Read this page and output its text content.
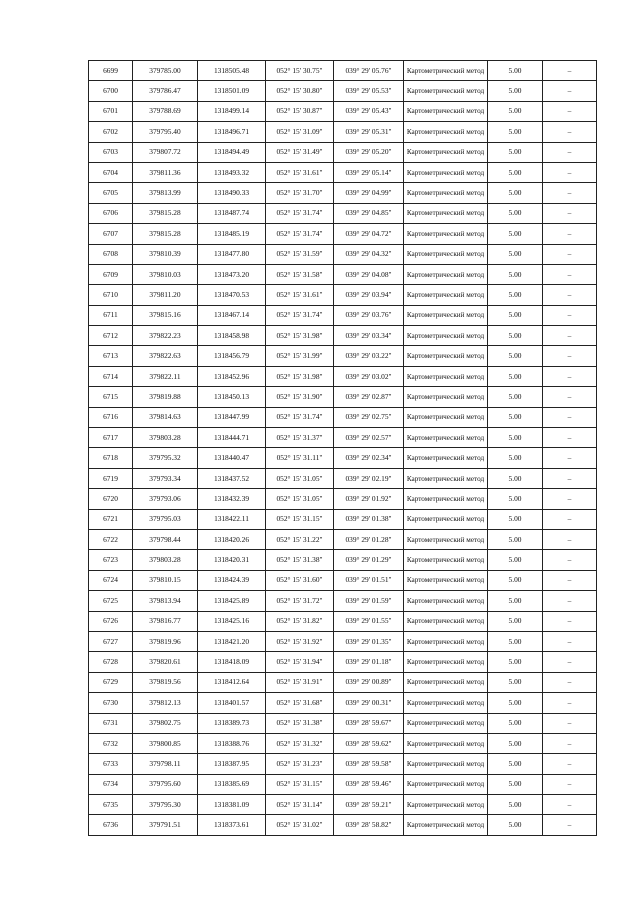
6699	379785.00	1318505.48	052° 15' 30.75"	039° 29' 05.76"	Картометрический метод	5.00	–
6700	379786.47	1318501.09	052° 15' 30.80"	039° 29' 05.53"	Картометрический метод	5.00	–
6701	379788.69	1318499.14	052° 15' 30.87"	039° 29' 05.43"	Картометрический метод	5.00	–
6702	379795.40	1318496.71	052° 15' 31.09"	039° 29' 05.31"	Картометрический метод	5.00	–
6703	379807.72	1318494.49	052° 15' 31.49"	039° 29' 05.20"	Картометрический метод	5.00	–
6704	379811.36	1318493.32	052° 15' 31.61"	039° 29' 05.14"	Картометрический метод	5.00	–
6705	379813.99	1318490.33	052° 15' 31.70"	039° 29' 04.99"	Картометрический метод	5.00	–
6706	379815.28	1318487.74	052° 15' 31.74"	039° 29' 04.85"	Картометрический метод	5.00	–
6707	379815.28	1318485.19	052° 15' 31.74"	039° 29' 04.72"	Картометрический метод	5.00	–
6708	379810.39	1318477.80	052° 15' 31.59"	039° 29' 04.32"	Картометрический метод	5.00	–
6709	379810.03	1318473.20	052° 15' 31.58"	039° 29' 04.08"	Картометрический метод	5.00	–
6710	379811.20	1318470.53	052° 15' 31.61"	039° 29' 03.94"	Картометрический метод	5.00	–
6711	379815.16	1318467.14	052° 15' 31.74"	039° 29' 03.76"	Картометрический метод	5.00	–
6712	379822.23	1318458.98	052° 15' 31.98"	039° 29' 03.34"	Картометрический метод	5.00	–
6713	379822.63	1318456.79	052° 15' 31.99"	039° 29' 03.22"	Картометрический метод	5.00	–
6714	379822.11	1318452.96	052° 15' 31.98"	039° 29' 03.02"	Картометрический метод	5.00	–
6715	379819.88	1318450.13	052° 15' 31.90"	039° 29' 02.87"	Картометрический метод	5.00	–
6716	379814.63	1318447.99	052° 15' 31.74"	039° 29' 02.75"	Картометрический метод	5.00	–
6717	379803.28	1318444.71	052° 15' 31.37"	039° 29' 02.57"	Картометрический метод	5.00	–
6718	379795.32	1318440.47	052° 15' 31.11"	039° 29' 02.34"	Картометрический метод	5.00	–
6719	379793.34	1318437.52	052° 15' 31.05"	039° 29' 02.19"	Картометрический метод	5.00	–
6720	379793.06	1318432.39	052° 15' 31.05"	039° 29' 01.92"	Картометрический метод	5.00	–
6721	379795.03	1318422.11	052° 15' 31.15"	039° 29' 01.38"	Картометрический метод	5.00	–
6722	379798.44	1318420.26	052° 15' 31.22"	039° 29' 01.28"	Картометрический метод	5.00	–
6723	379803.28	1318420.31	052° 15' 31.38"	039° 29' 01.29"	Картометрический метод	5.00	–
6724	379810.15	1318424.39	052° 15' 31.60"	039° 29' 01.51"	Картометрический метод	5.00	–
6725	379813.94	1318425.89	052° 15' 31.72"	039° 29' 01.59"	Картометрический метод	5.00	–
6726	379816.77	1318425.16	052° 15' 31.82"	039° 29' 01.55"	Картометрический метод	5.00	–
6727	379819.96	1318421.20	052° 15' 31.92"	039° 29' 01.35"	Картометрический метод	5.00	–
6728	379820.61	1318418.09	052° 15' 31.94"	039° 29' 01.18"	Картометрический метод	5.00	–
6729	379819.56	1318412.64	052° 15' 31.91"	039° 29' 00.89"	Картометрический метод	5.00	–
6730	379812.13	1318401.57	052° 15' 31.68"	039° 29' 00.31"	Картометрический метод	5.00	–
6731	379802.75	1318389.73	052° 15' 31.38"	039° 28' 59.67"	Картометрический метод	5.00	–
6732	379800.85	1318388.76	052° 15' 31.32"	039° 28' 59.62"	Картометрический метод	5.00	–
6733	379798.11	1318387.95	052° 15' 31.23"	039° 28' 59.58"	Картометрический метод	5.00	–
6734	379795.60	1318385.69	052° 15' 31.15"	039° 28' 59.46"	Картометрический метод	5.00	–
6735	379795.30	1318381.09	052° 15' 31.14"	039° 28' 59.21"	Картометрический метод	5.00	–
6736	379791.51	1318373.61	052° 15' 31.02"	039° 28' 58.82"	Картометрический метод	5.00	–
